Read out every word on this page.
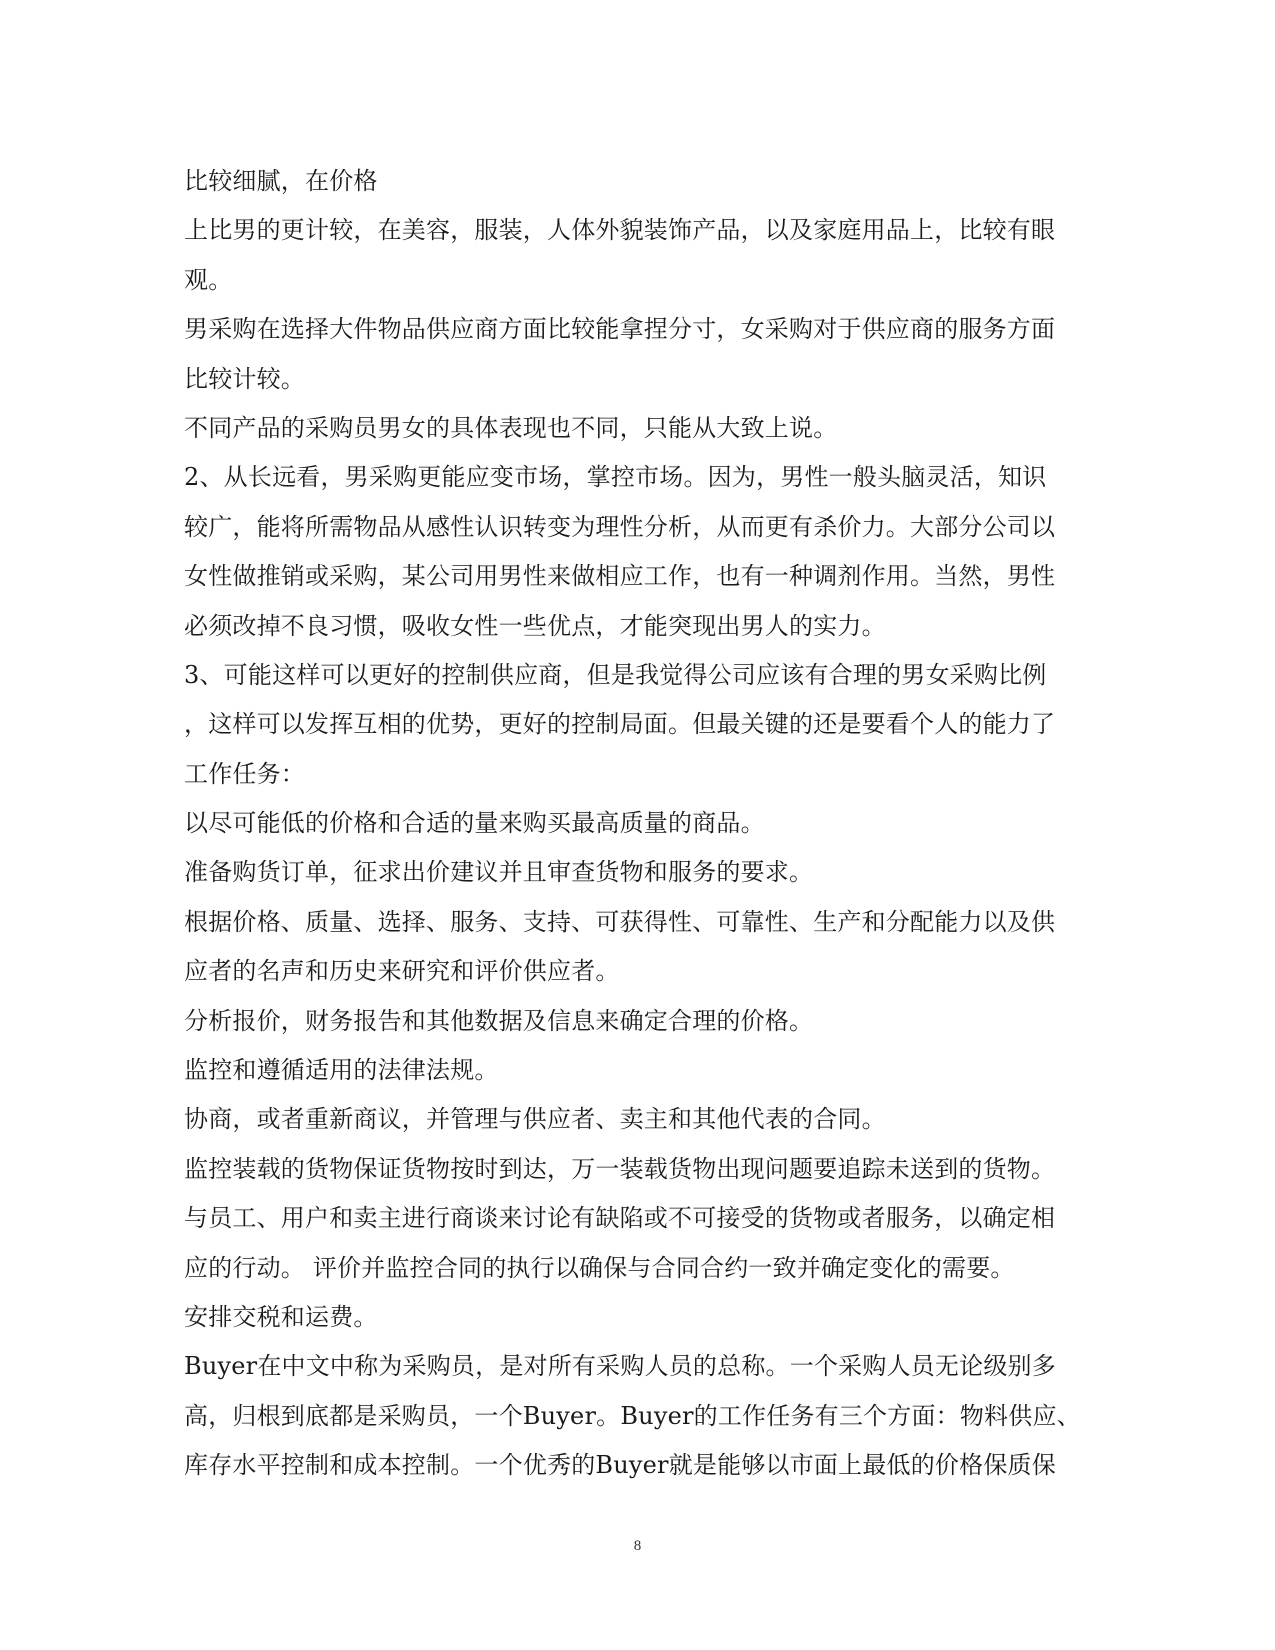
比较细腻，在价格
上比男的更计较，在美容，服装，人体外貌装饰产品，以及家庭用品上，比较有眼
观。
男采购在选择大件物品供应商方面比较能拿捏分寸，女采购对于供应商的服务方面
比较计较。
不同产品的采购员男女的具体表现也不同，只能从大致上说。
2、从长远看，男采购更能应变市场，掌控市场。因为，男性一般头脑灵活，知识
较广，能将所需物品从感性认识转变为理性分析，从而更有杀价力。大部分公司以
女性做推销或采购，某公司用男性来做相应工作，也有一种调剂作用。当然，男性
必须改掉不良习惯，吸收女性一些优点，才能突现出男人的实力。
3、可能这样可以更好的控制供应商，但是我觉得公司应该有合理的男女采购比例
，这样可以发挥互相的优势，更好的控制局面。但最关键的还是要看个人的能力了
工作任务：
以尽可能低的价格和合适的量来购买最高质量的商品。
准备购货订单，征求出价建议并且审查货物和服务的要求。
根据价格、质量、选择、服务、支持、可获得性、可靠性、生产和分配能力以及供
应者的名声和历史来研究和评价供应者。
分析报价，财务报告和其他数据及信息来确定合理的价格。
监控和遵循适用的法律法规。
协商，或者重新商议，并管理与供应者、卖主和其他代表的合同。
监控装载的货物保证货物按时到达，万一装载货物出现问题要追踪未送到的货物。
与员工、用户和卖主进行商谈来讨论有缺陷或不可接受的货物或者服务，以确定相
应的行动。 评价并监控合同的执行以确保与合同合约一致并确定变化的需要。
安排交税和运费。
Buyer在中文中称为采购员，是对所有采购人员的总称。一个采购人员无论级别多
高，归根到底都是采购员，一个Buyer。Buyer的工作任务有三个方面：物料供应、
库存水平控制和成本控制。一个优秀的Buyer就是能够以市面上最低的价格保质保
8
